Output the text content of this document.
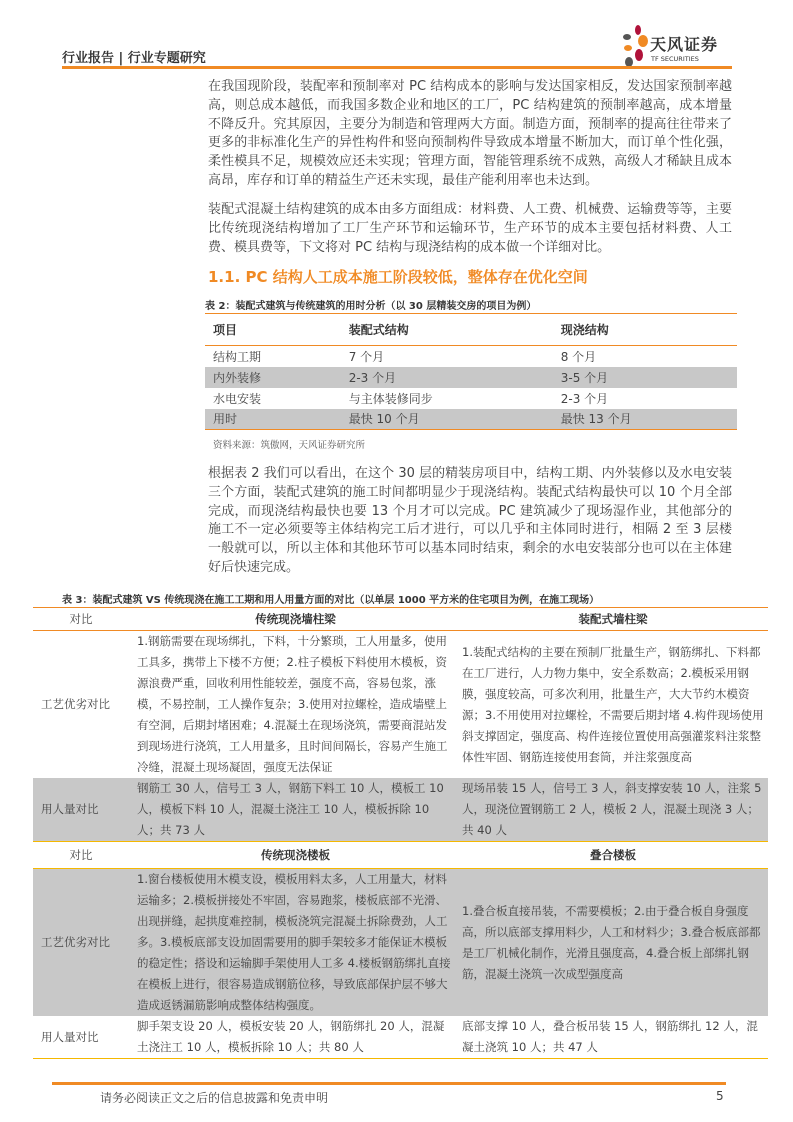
行业报告 | 行业专题研究
天风证券
TF SECURITIES

在我国现阶段，装配率和预制率对 PC 结构成本的影响与发达国家相反，发达国家预制率越高，则总成本越低，而我国多数企业和地区的工厂，PC 结构建筑的预制率越高，成本增量不降反升。究其原因，主要分为制造和管理两大方面。制造方面，预制率的提高往往带来了更多的非标准化生产的异性构件和竖向预制构件导致成本增量不断加大，而订单个性化强，柔性模具不足，规模效应还未实现；管理方面，智能管理系统不成熟，高级人才稀缺且成本高昂，库存和订单的精益生产还未实现，最佳产能利用率也未达到。

装配式混凝土结构建筑的成本由多方面组成：材料费、人工费、机械费、运输费等等，主要比传统现浇结构增加了工厂生产环节和运输环节，生产环节的成本主要包括材料费、人工费、模具费等，下文将对 PC 结构与现浇结构的成本做一个详细对比。

1.1. PC 结构人工成本施工阶段较低，整体存在优化空间
表 2：装配式建筑与传统建筑的用时分析（以 30 层精装交房的项目为例）
项目	装配式结构	现浇结构
结构工期	7 个月	8 个月
内外装修	2-3 个月	3-5 个月
水电安装	与主体装修同步	2-3 个月
用时	最快 10 个月	最快 13 个月
资料来源：筑傲网，天风证券研究所

根据表 2 我们可以看出，在这个 30 层的精装房项目中，结构工期、内外装修以及水电安装三个方面，装配式建筑的施工时间都明显少于现浇结构。装配式结构最快可以 10 个月全部完成，而现浇结构最快也要 13 个月才可以完成。PC 建筑减少了现场湿作业，其他部分的施工不一定必须要等主体结构完工后才进行，可以几乎和主体同时进行，相隔 2 至 3 层楼一般就可以，所以主体和其他环节可以基本同时结束，剩余的水电安装部分也可以在主体建好后快速完成。

表 3：装配式建筑 VS 传统现浇在施工工期和用人用量方面的对比（以单层 1000 平方米的住宅项目为例，在施工现场）
对比	传统现浇墙柱梁	装配式墙柱梁
工艺优劣对比	1.钢筋需要在现场绑扎，下料，十分繁琐，工人用量多，使用工具多，携带上下楼不方便；2.柱子模板下料使用木模板，资源浪费严重，回收利用性能较差，强度不高，容易包浆，涨模，不易控制，工人操作复杂；3.使用对拉螺栓，造成墙壁上有空洞，后期封堵困难；4.混凝土在现场浇筑，需要商混站发到现场进行浇筑，工人用量多，且时间间隔长，容易产生施工冷缝，混凝土现场凝固，强度无法保证	1.装配式结构的主要在预制厂批量生产，钢筋绑扎、下料都在工厂进行，人力物力集中，安全系数高；2.模板采用钢膜，强度较高，可多次利用，批量生产，大大节约木模资源；3.不用使用对拉螺栓，不需要后期封堵 4.构件现场使用斜支撑固定，强度高、构件连接位置使用高强灌浆料注浆整体性牢固、钢筋连接使用套筒，并注浆强度高
用人量对比	钢筋工 30 人，信号工 3 人，钢筋下料工 10 人，模板工 10 人，模板下料 10 人，混凝土浇注工 10 人，模板拆除 10 人；共 73 人	现场吊装 15 人，信号工 3 人，斜支撑安装 10 人，注浆 5 人，现浇位置钢筋工 2 人，模板 2 人，混凝土现浇 3 人；共 40 人
对比	传统现浇楼板	叠合楼板
工艺优劣对比	1.窗台楼板使用木模支设，模板用料太多，人工用量大，材料运输多；2.模板拼接处不牢固，容易跑浆，楼板底部不光滑、出现拼缝，起拱度难控制，模板浇筑完混凝土拆除费劲，人工多。3.模板底部支设加固需要用的脚手架较多才能保证木模板的稳定性；搭设和运输脚手架使用人工多 4.楼板钢筋绑扎直接在模板上进行，很容易造成钢筋位移，导致底部保护层不够大造成返锈漏筋影响成整体结构强度。	1.叠合板直接吊装，不需要模板；2.由于叠合板自身强度高，所以底部支撑用料少，人工和材料少；3.叠合板底部都是工厂机械化制作，光滑且强度高，4.叠合板上部绑扎钢筋，混凝土浇筑一次成型强度高
用人量对比	脚手架支设 20 人，模板安装 20 人，钢筋绑扎 20 人，混凝土浇注工 10 人，模板拆除 10 人；共 80 人	底部支撑 10 人，叠合板吊装 15 人，钢筋绑扎 12 人，混凝土浇筑 10 人；共 47 人
请务必阅读正文之后的信息披露和免责申明	5
